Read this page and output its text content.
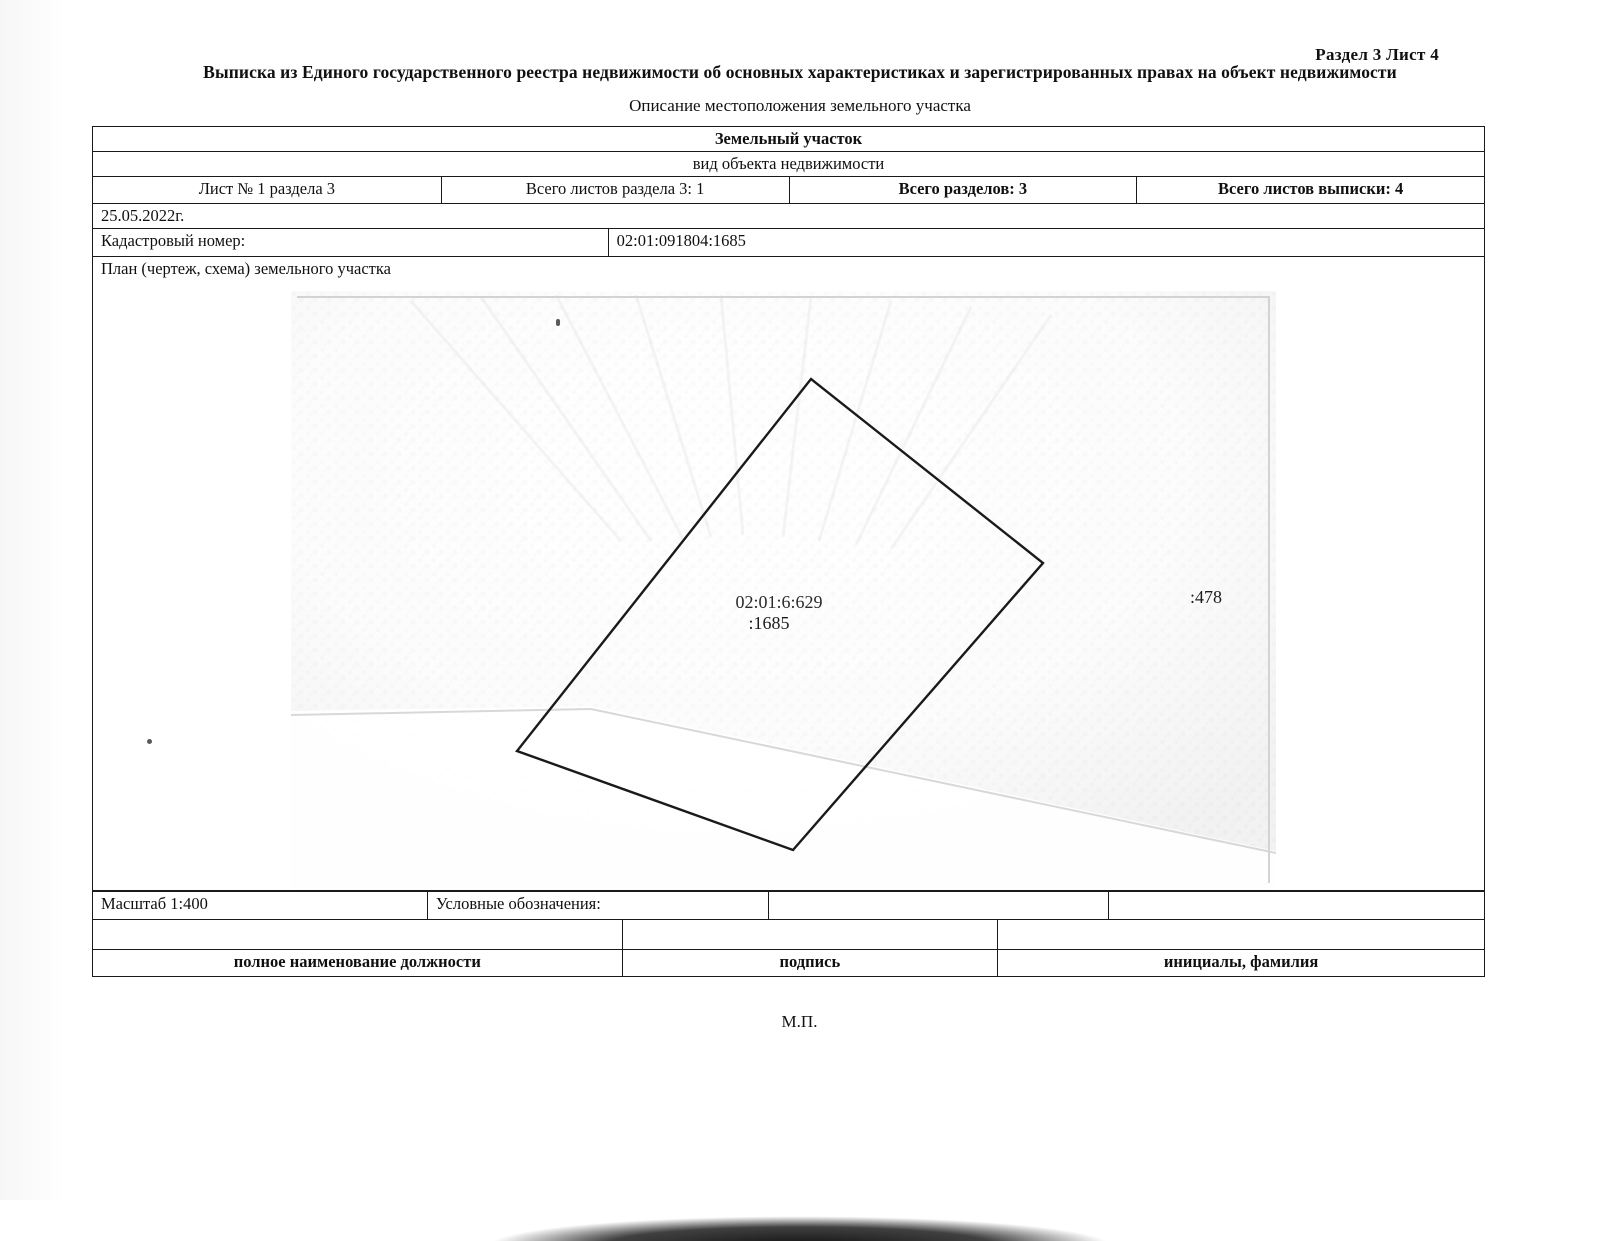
Раздел 3 Лист 4
Выписка из Единого государственного реестра недвижимости об основных характеристиках и зарегистрированных правах на объект недвижимости
Описание местоположения земельного участка
Земельный участок
вид объекта недвижимости
Лист № 1 раздела 3	Всего листов раздела 3: 1	Всего разделов: 3	Всего листов выписки: 4
25.05.2022г.
Кадастровый номер:	02:01:091804:1685
План (чертеж, схема) земельного участка
02:01:6:629
:1685
:478
Масштаб 1:400	Условные обозначения:
полное наименование должности	подпись	инициалы, фамилия
М.П.
